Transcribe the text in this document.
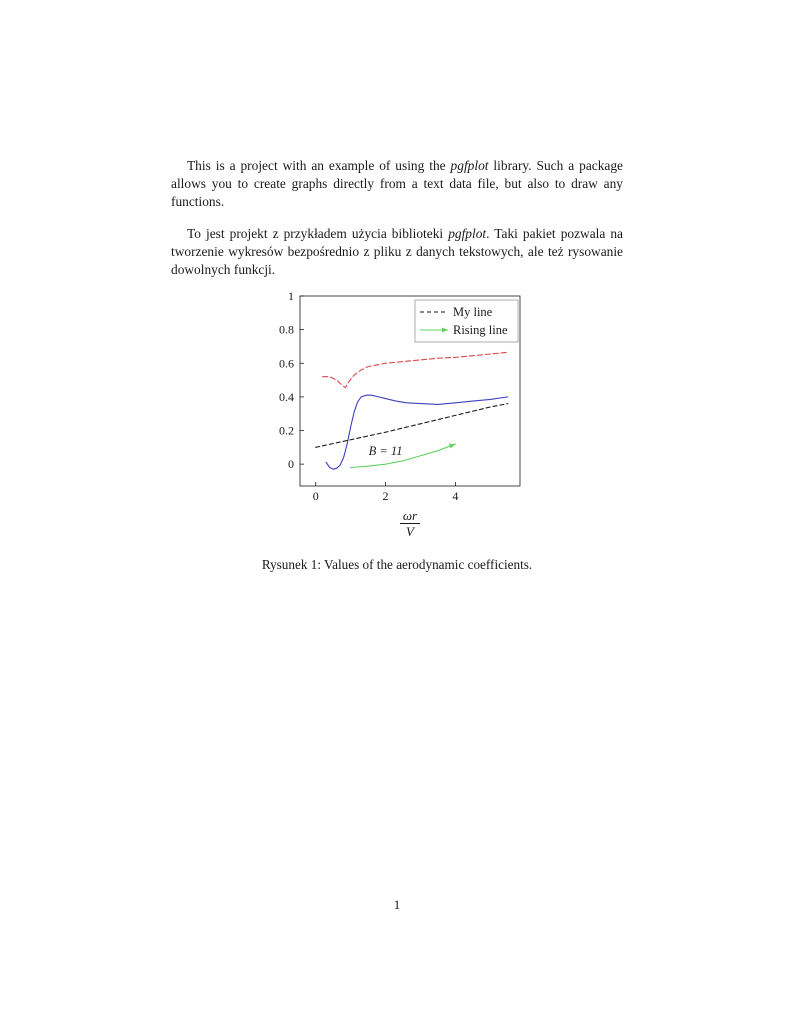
This is a project with an example of using the pgfplot library. Such a package allows you to create graphs directly from a text data file, but also to draw any functions.

To jest projekt z przykładem użycia biblioteki pgfplot. Taki pakiet pozwala na tworzenie wykresów bezpośrednio z pliku z danych tekstowych, ale też rysowanie dowolnych funkcji.

0	2	4
0
0.2
0.4
0.6
0.8
1
My line
Rising line
B = 11
$\frac{\omega r}{V}$
Rysunek 1: Values of the aerodynamic coefficients.
1
